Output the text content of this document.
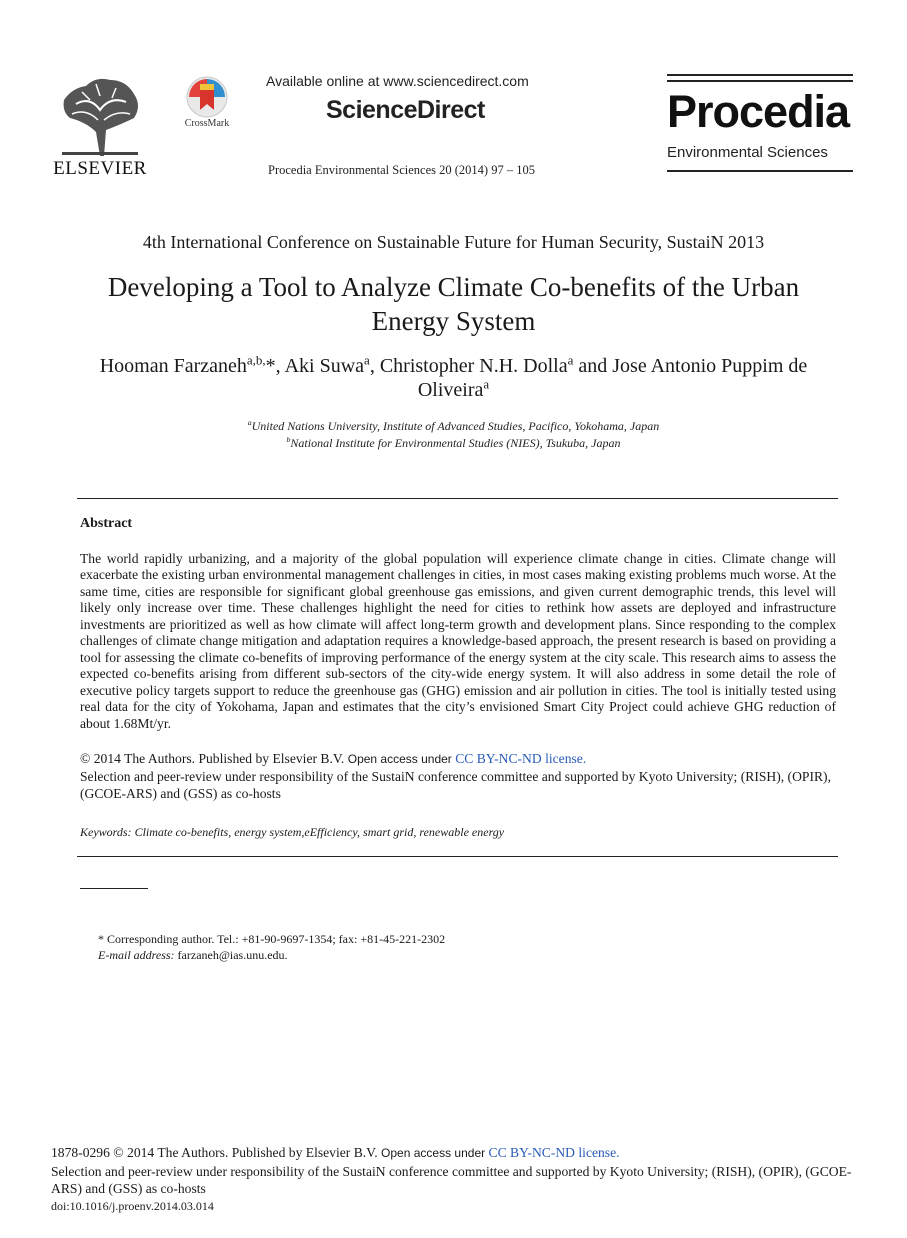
ELSEVIER
CrossMark
Available online at www.sciencedirect.com
ScienceDirect
Procedia Environmental Sciences 20 (2014) 97 – 105
Procedia
Environmental Sciences
4th International Conference on Sustainable Future for Human Security, SustaiN 2013
Developing a Tool to Analyze Climate Co-benefits of the Urban
Energy System
Hooman Farzaneh$^{a,b,}$*, Aki Suwa$^a$, Christopher N.H. Dolla$^a$ and Jose Antonio Puppim de Oliveira$^a$
$^a$United Nations University, Institute of Advanced Studies, Pacifico, Yokohama, Japan
$^b$National Institute for Environmental Studies (NIES), Tsukuba, Japan
Abstract
The world rapidly urbanizing, and a majority of the global population will experience climate change in cities. Climate change will exacerbate the existing urban environmental management challenges in cities, in most cases making existing problems much worse. At the same time, cities are responsible for significant global greenhouse gas emissions, and given current demographic trends, this level will likely only increase over time. These challenges highlight the need for cities to rethink how assets are deployed and infrastructure investments are prioritized as well as how climate will affect long-term growth and development plans. Since responding to the complex challenges of climate change mitigation and adaptation requires a knowledge-based approach, the present research is based on providing a tool for assessing the climate co-benefits of improving performance of the energy system at the city scale. This research aims to assess the expected co-benefits arising from different sub-sectors of the city-wide energy system. It will also address in some detail the role of executive policy targets support to reduce the greenhouse gas (GHG) emission and air pollution in cities. The tool is initially tested using real data for the city of Yokohama, Japan and estimates that the city’s envisioned Smart City Project could achieve GHG reduction of about 1.68Mt/yr.
© 2014 The Authors. Published by Elsevier B.V. Open access under CC BY-NC-ND license.
Selection and peer-review under responsibility of the SustaiN conference committee and supported by Kyoto University; (RISH), (OPIR), (GCOE-ARS) and (GSS) as co-hosts
Keywords: Climate co-benefits, energy system,eEfficiency, smart grid, renewable energy
* Corresponding author. Tel.: +81-90-9697-1354; fax: +81-45-221-2302
E-mail address: farzaneh@ias.unu.edu.
1878-0296 © 2014 The Authors. Published by Elsevier B.V. Open access under CC BY-NC-ND license.
Selection and peer-review under responsibility of the SustaiN conference committee and supported by Kyoto University; (RISH), (OPIR), (GCOE-ARS) and (GSS) as co-hosts
doi:10.1016/j.proenv.2014.03.014
